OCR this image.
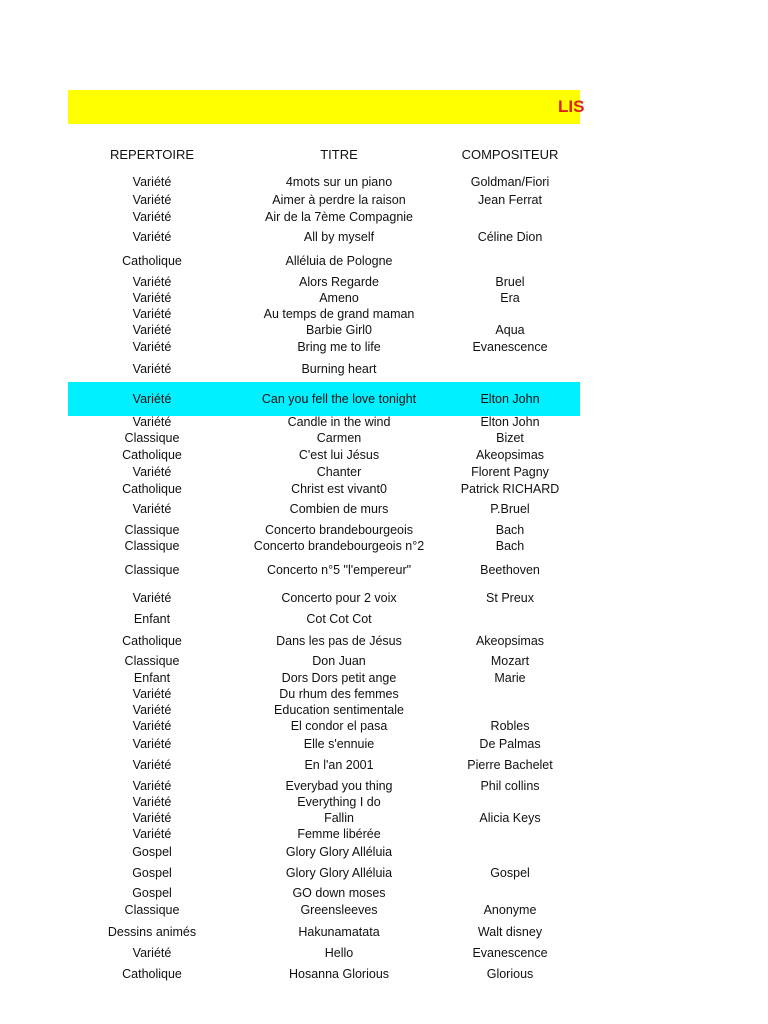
LIS
REPERTOIRE	TITRE	COMPOSITEUR
Variété	4mots sur un piano	Goldman/Fiori
Variété	Aimer à perdre la raison	Jean Ferrat
Variété	Air de la 7ème Compagnie
Variété	All by myself	Céline Dion
Catholique	Alléluia de Pologne
Variété	Alors Regarde	Bruel
Variété	Ameno	Era
Variété	Au temps de grand maman
Variété	Barbie Girl0	Aqua
Variété	Bring me to life	Evanescence
Variété	Burning heart
Variété	Can you fell the love tonight	Elton John
Variété	Candle in the wind	Elton John
Classique	Carmen	Bizet
Catholique	C'est lui Jésus	Akeopsimas
Variété	Chanter	Florent Pagny
Catholique	Christ est vivant0	Patrick RICHARD
Variété	Combien de murs	P.Bruel
Classique	Concerto brandebourgeois	Bach
Classique	Concerto brandebourgeois n°2	Bach
Classique	Concerto n°5 "l'empereur"	Beethoven
Variété	Concerto pour 2 voix	St Preux
Enfant	Cot Cot Cot
Catholique	Dans les pas de Jésus	Akeopsimas
Classique	Don Juan	Mozart
Enfant	Dors Dors petit ange	Marie
Variété	Du rhum des femmes
Variété	Education sentimentale
Variété	El condor el pasa	Robles
Variété	Elle s'ennuie	De Palmas
Variété	En l'an 2001	Pierre Bachelet
Variété	Everybad you thing	Phil collins
Variété	Everything I do
Variété	Fallin	Alicia Keys
Variété	Femme libérée
Gospel	Glory Glory Alléluia
Gospel	Glory Glory Alléluia	Gospel
Gospel	GO down moses
Classique	Greensleeves	Anonyme
Dessins animés	Hakunamatata	Walt disney
Variété	Hello	Evanescence
Catholique	Hosanna Glorious	Glorious
